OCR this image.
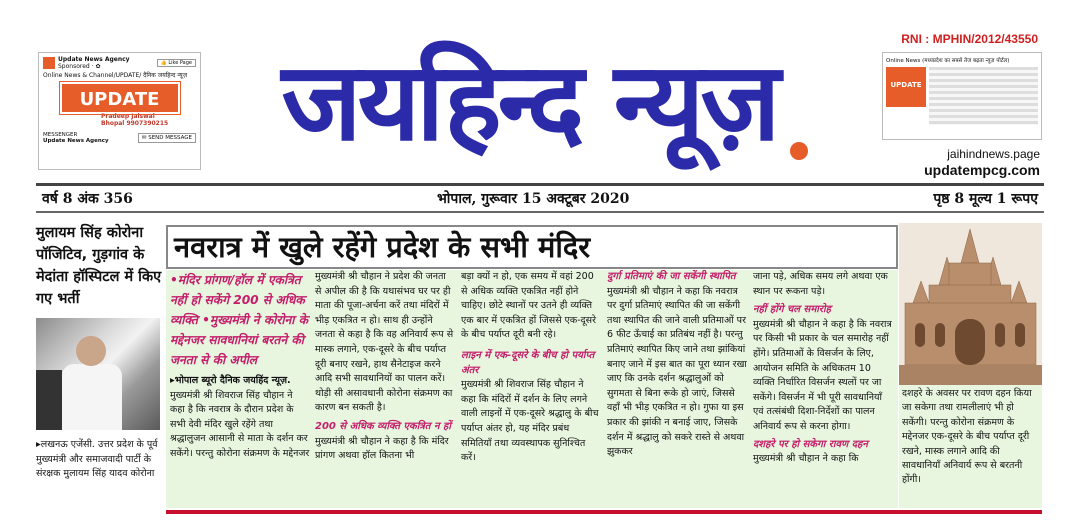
Update News Agency
Sponsored · ✿	👍 Like Page
Online News & Channel/UPDATE/ दैनिक जयहिन्द न्यूज़
UPDATE
Pradeep Jaiswal
Bhopal 9907390215
MESSENGER
Update News Agency	✉ SEND MESSAGE जयहिन्द न्यूज़
RNI : MPHIN/2012/43550
Online News (मध्यप्रदेश का सबसे तेज बढ़ता न्यूज़ पोर्टल)
UPDATE
jaihindnews.page
updatempcg.com
वर्ष 8 अंक 356	भोपाल, गुरूवार 15 अक्टूबर 2020	पृष्ठ 8 मूल्य 1 रूपए
मुलायम सिंह कोरोना पॉजिटिव, गुड़गांव के मेदांता हॉस्पिटल में किए गए भर्ती
▸लखनऊ एजेंसी. उत्तर प्रदेश के पूर्व मुख्यमंत्री और समाजवादी पार्टी के संरक्षक मुलायम सिंह यादव कोरोना
नवरात्र में खुले रहेंगे प्रदेश के सभी मंदिर
•मंदिर प्रांगण/हॉल में एकत्रित नहीं हो सकेंगे 200 से अधिक व्यक्ति •मुख्यमंत्री ने कोरोना के मद्देनजर सावधानियां बरतने की जनता से की अपील
▸भोपाल ब्यूरो दैनिक जयहिंद न्यूज़. मुख्यमंत्री श्री शिवराज सिंह चौहान ने कहा है कि नवरात्र के दौरान प्रदेश के सभी देवी मंदिर खुले रहेंगे तथा श्रद्धालुजन आसानी से माता के दर्शन कर सकेंगे। परन्तु कोरोना संक्रमण के मद्देनजर
मुख्यमंत्री श्री चौहान ने प्रदेश की जनता से अपील की है कि यथासंभव घर पर ही माता की पूजा-अर्चना करें तथा मंदिरों में भीड़ एकत्रित न हो। साथ ही उन्होंने जनता से कहा है कि वह अनिवार्य रूप से मास्क लगाने, एक-दूसरे के बीच पर्याप्त दूरी बनाए रखने, हाथ सैनेटाइज करने आदि सभी सावधानियों का पालन करें। थोड़ी सी असावधानी कोरोना संक्रमण का कारण बन सकती है।
200 से अधिक व्यक्ति एकत्रित न हों
मुख्यमंत्री श्री चौहान ने कहा है कि मंदिर प्रांगण अथवा हॉल कितना भी
बड़ा क्यों न हो, एक समय में वहां 200 से अधिक व्यक्ति एकत्रित नहीं होने चाहिए। छोटे स्थानों पर उतने ही व्यक्ति एक बार में एकत्रित हों जिससे एक-दूसरे के बीच पर्याप्त दूरी बनी रहे।
लाइन में एक-दूसरे के बीच हो पर्याप्त अंतर
मुख्यमंत्री श्री शिवराज सिंह चौहान ने कहा कि मंदिरों में दर्शन के लिए लगने वाली लाइनों में एक-दूसरे श्रद्धालु के बीच पर्याप्त अंतर हो, यह मंदिर प्रबंध समितियाँ तथा व्यवस्थापक सुनिश्चित करें।
दुर्गा प्रतिमाएं की जा सकेंगी स्थापित
मुख्यमंत्री श्री चौहान ने कहा कि नवरात्र पर दुर्गा प्रतिमाएं स्थापित की जा सकेंगी तथा स्थापित की जाने वाली प्रतिमाओं पर 6 फीट ऊँचाई का प्रतिबंध नहीं है। परन्तु प्रतिमाएं स्थापित किए जाने तथा झांकियां बनाए जाने में इस बात का पूरा ध्यान रखा जाए कि उनके दर्शन श्रद्धालुओं को सुगमता से बिना रूके हो जाएं, जिससे वहाँ भी भीड़ एकत्रित न हो। गुफा या इस प्रकार की झांकी न बनाई जाए, जिसके दर्शन में श्रद्धालु को सकरे रास्ते से अथवा झुककर
जाना पड़े, अधिक समय लगे अथवा एक स्थान पर रूकना पड़े।
नहीं होंगे चल समारोह
मुख्यमंत्री श्री चौहान ने कहा है कि नवरात्र पर किसी भी प्रकार के चल समारोह नहीं होंगे। प्रतिमाओं के विसर्जन के लिए, आयोजन समिति के अधिकतम 10 व्यक्ति निर्धारित विसर्जन स्थलों पर जा सकेंगे। विसर्जन में भी पूरी सावधानियाँ एवं तत्संबंधी दिशा-निर्देशों का पालन अनिवार्य रूप से करना होगा।
दशहरे पर हो सकेगा रावण दहन
मुख्यमंत्री श्री चौहान ने कहा कि
दशहरे के अवसर पर रावण दहन किया जा सकेगा तथा रामलीलाएं भी हो सकेंगी। परन्तु कोरोना संक्रमण के मद्देनजर एक-दूसरे के बीच पर्याप्त दूरी रखने, मास्क लगाने आदि की सावधानियाँ अनिवार्य रूप से बरतनी होंगी।
